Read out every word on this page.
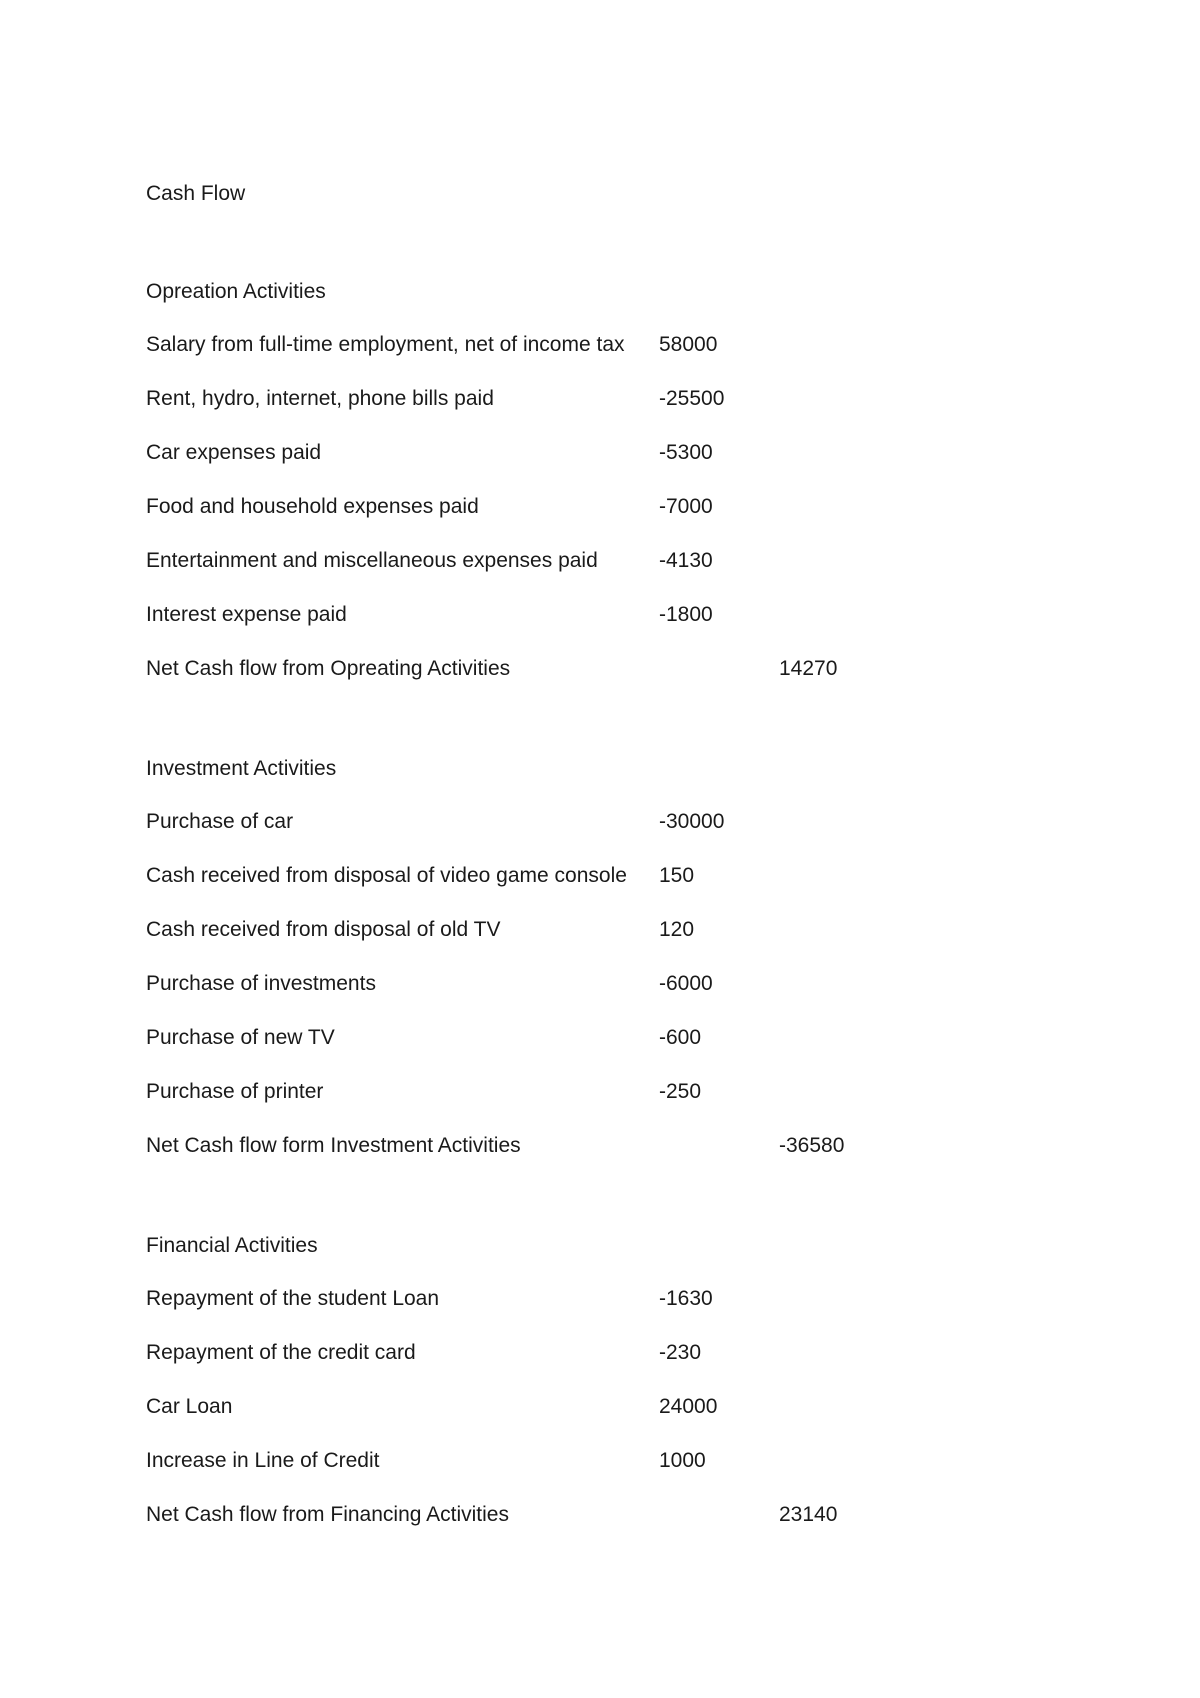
Cash Flow
Opreation Activities
Salary from full-time employment, net of income tax	58000
Rent, hydro, internet, phone bills paid	-25500
Car expenses paid	-5300
Food and household expenses paid	-7000
Entertainment and miscellaneous expenses paid	-4130
Interest expense paid	-1800
Net Cash flow from Opreating Activities	14270
Investment Activities
Purchase of car	-30000
Cash received from disposal of video game console	150
Cash received from disposal of old TV	120
Purchase of investments	-6000
Purchase of new TV	-600
Purchase of printer	-250
Net Cash flow form Investment Activities	-36580
Financial Activities
Repayment of the student Loan	-1630
Repayment of the credit card	-230
Car Loan	24000
Increase in Line of Credit	1000
Net Cash flow from Financing Activities	23140
